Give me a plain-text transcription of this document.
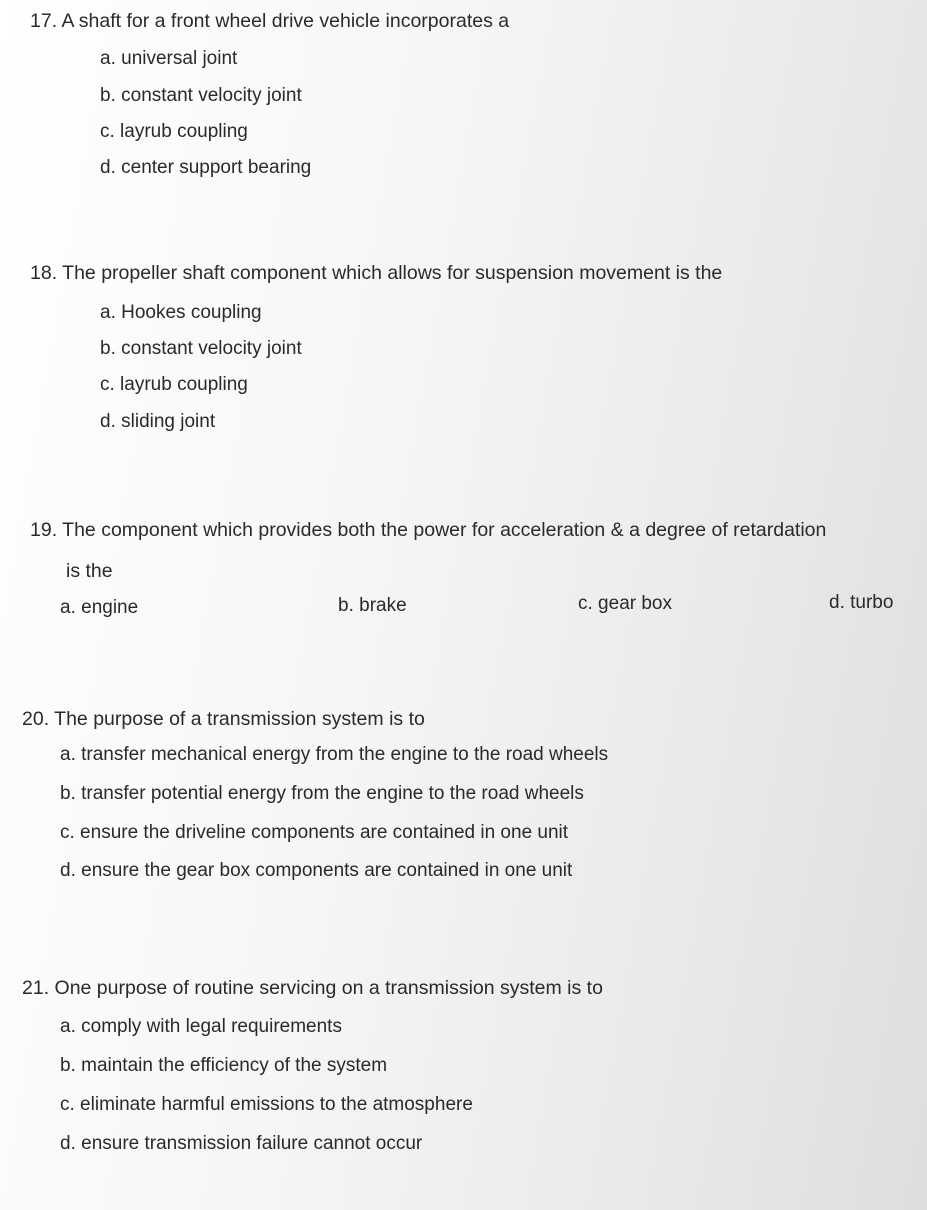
17. A shaft for a front wheel drive vehicle incorporates a
a. universal joint
b. constant velocity joint
c. layrub coupling
d. center support bearing
18. The propeller shaft component which allows for suspension movement is the
a. Hookes coupling
b. constant velocity joint
c. layrub coupling
d. sliding joint
19. The component which provides both the power for acceleration & a degree of retardation
is the
a. engine	b. brake	c. gear box	d. turbo
20. The purpose of a transmission system is to
a. transfer mechanical energy from the engine to the road wheels
b. transfer potential energy from the engine to the road wheels
c. ensure the driveline components are contained in one unit
d. ensure the gear box components are contained in one unit
21. One purpose of routine servicing on a transmission system is to
a. comply with legal requirements
b. maintain the efficiency of the system
c. eliminate harmful emissions to the atmosphere
d. ensure transmission failure cannot occur
